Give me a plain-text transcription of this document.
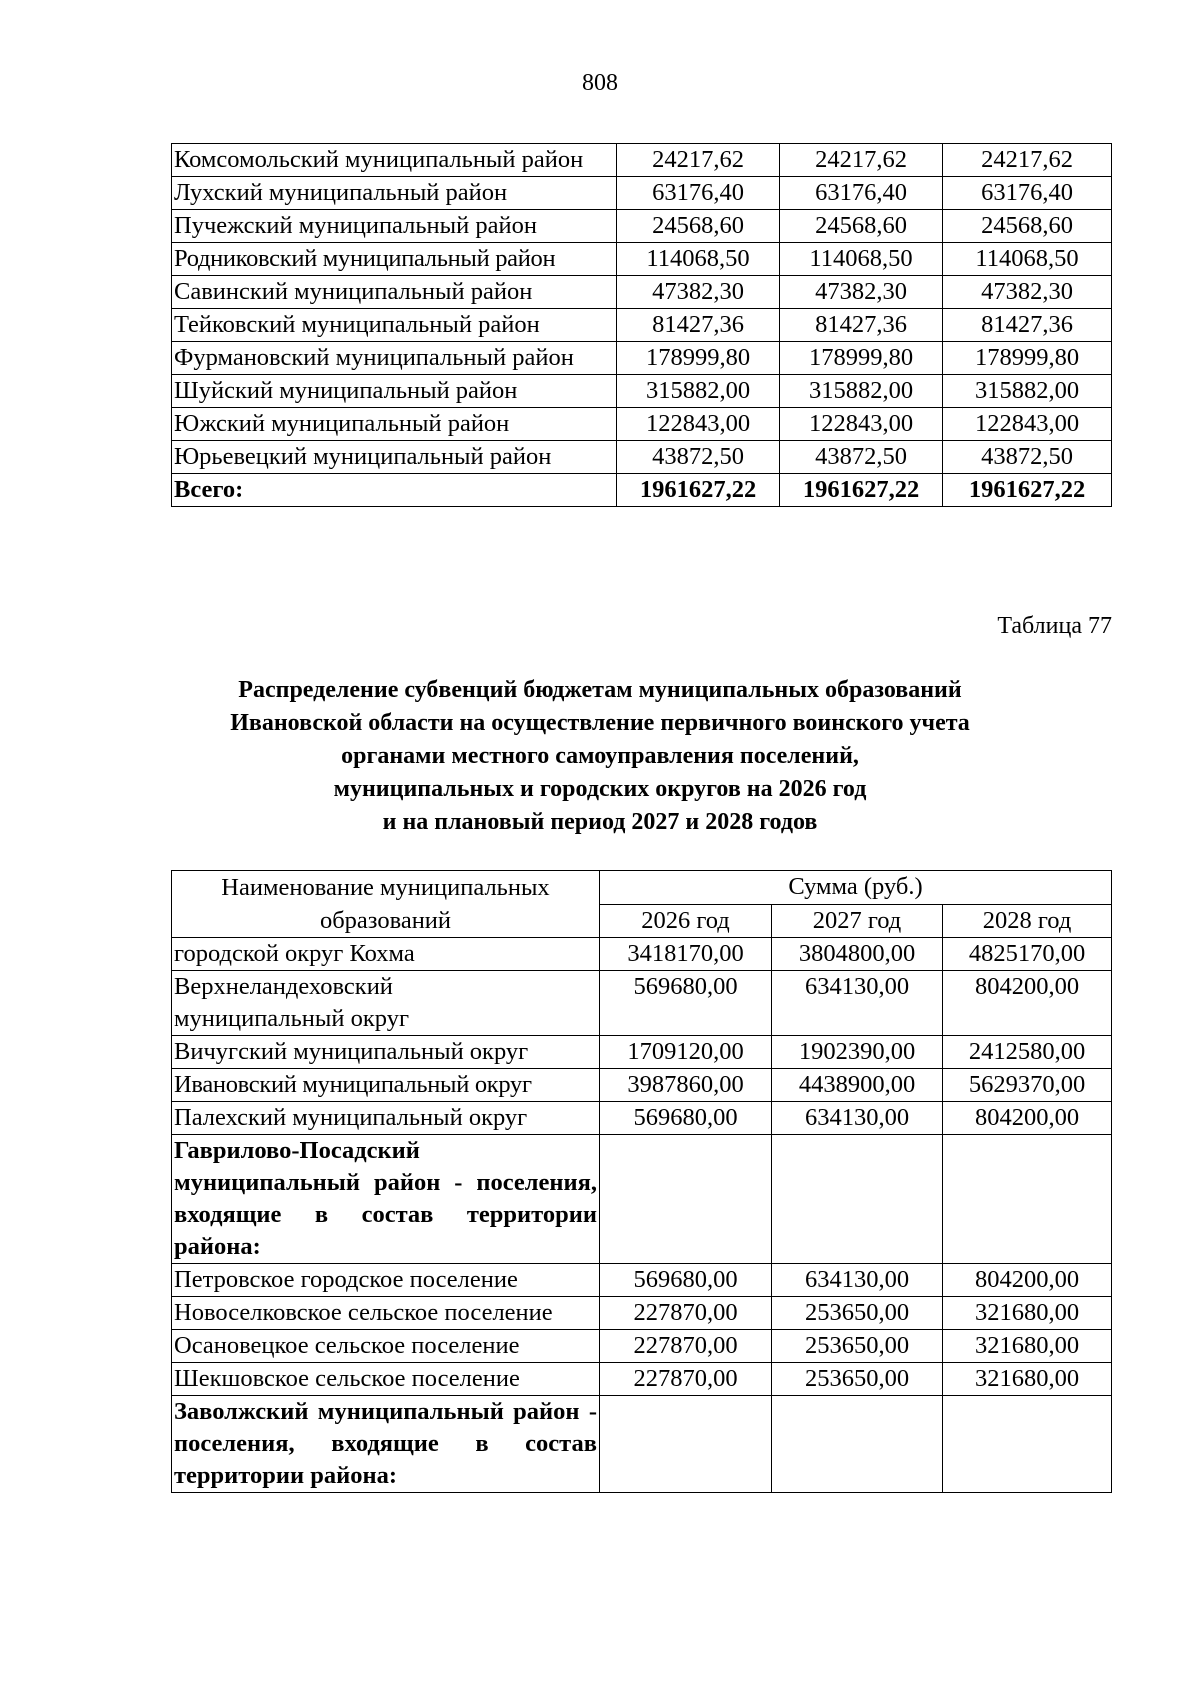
808
Комсомольский муниципальный район	24217,62	24217,62	24217,62
Лухский муниципальный район	63176,40	63176,40	63176,40
Пучежский муниципальный район	24568,60	24568,60	24568,60
Родниковский муниципальный район	114068,50	114068,50	114068,50
Савинский муниципальный район	47382,30	47382,30	47382,30
Тейковский муниципальный район	81427,36	81427,36	81427,36
Фурмановский муниципальный район	178999,80	178999,80	178999,80
Шуйский муниципальный район	315882,00	315882,00	315882,00
Южский муниципальный район	122843,00	122843,00	122843,00
Юрьевецкий муниципальный район	43872,50	43872,50	43872,50
Всего:	1961627,22	1961627,22	1961627,22
Таблица 77
Распределение субвенций бюджетам муниципальных образований
Ивановской области на осуществление первичного воинского учета
органами местного самоуправления поселений,
муниципальных и городских округов на 2026 год
и на плановый период 2027 и 2028 годов
Наименование муниципальных образований	Сумма (руб.)		
	2026 год	2027 год	2028 год
городской округ Кохма	3418170,00	3804800,00	4825170,00
Верхнеландеховский муниципальный округ	569680,00	634130,00	804200,00
Вичугский муниципальный округ	1709120,00	1902390,00	2412580,00
Ивановский муниципальный округ	3987860,00	4438900,00	5629370,00
Палехский муниципальный округ	569680,00	634130,00	804200,00
Гаврилово-Посадский муниципальный район - поселения, входящие в состав территории района:			
Петровское городское поселение	569680,00	634130,00	804200,00
Новоселковское сельское поселение	227870,00	253650,00	321680,00
Осановецкое сельское поселение	227870,00	253650,00	321680,00
Шекшовское сельское поселение	227870,00	253650,00	321680,00
Заволжский муниципальный район - поселения, входящие в состав территории района:			
